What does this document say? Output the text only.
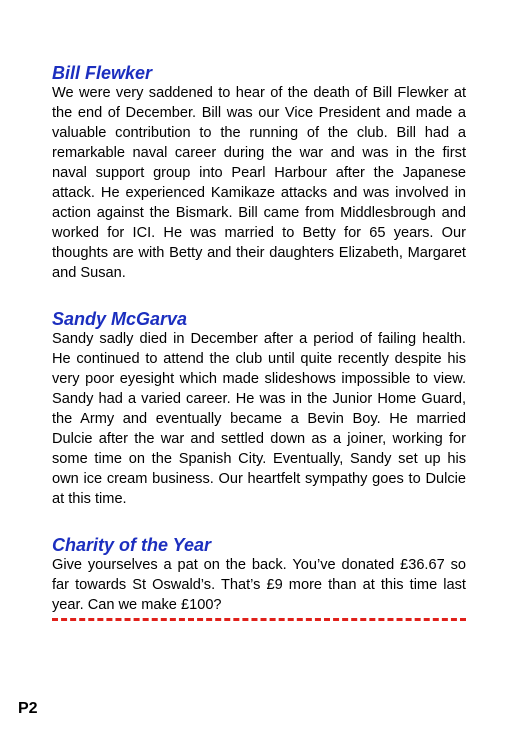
Bill Flewker

We were very saddened to hear of the death of Bill Flewker at the end of December. Bill was our Vice President and made a valuable contribution to the running of the club. Bill had a remarkable naval career during the war and was in the first naval support group into Pearl Harbour after the Japanese attack. He experienced Kamikaze attacks and was involved in action against the Bismark. Bill came from Middlesbrough and worked for ICI. He was married to Betty for 65 years. Our thoughts are with Betty and their daughters Elizabeth, Margaret and Susan.

Sandy McGarva

Sandy sadly died in December after a period of failing health. He continued to attend the club until quite recently despite his very poor eyesight which made slideshows impossible to view. Sandy had a varied career. He was in the Junior Home Guard, the Army and eventually became a Bevin Boy. He married Dulcie after the war and settled down as a joiner, working for some time on the Spanish City. Eventually, Sandy set up his own ice cream business. Our heartfelt sympathy goes to Dulcie at this time.

Charity of the Year

Give yourselves a pat on the back. You’ve donated £36.67 so far towards St Oswald’s. That’s £9 more than at this time last year. Can we make £100?

P2
